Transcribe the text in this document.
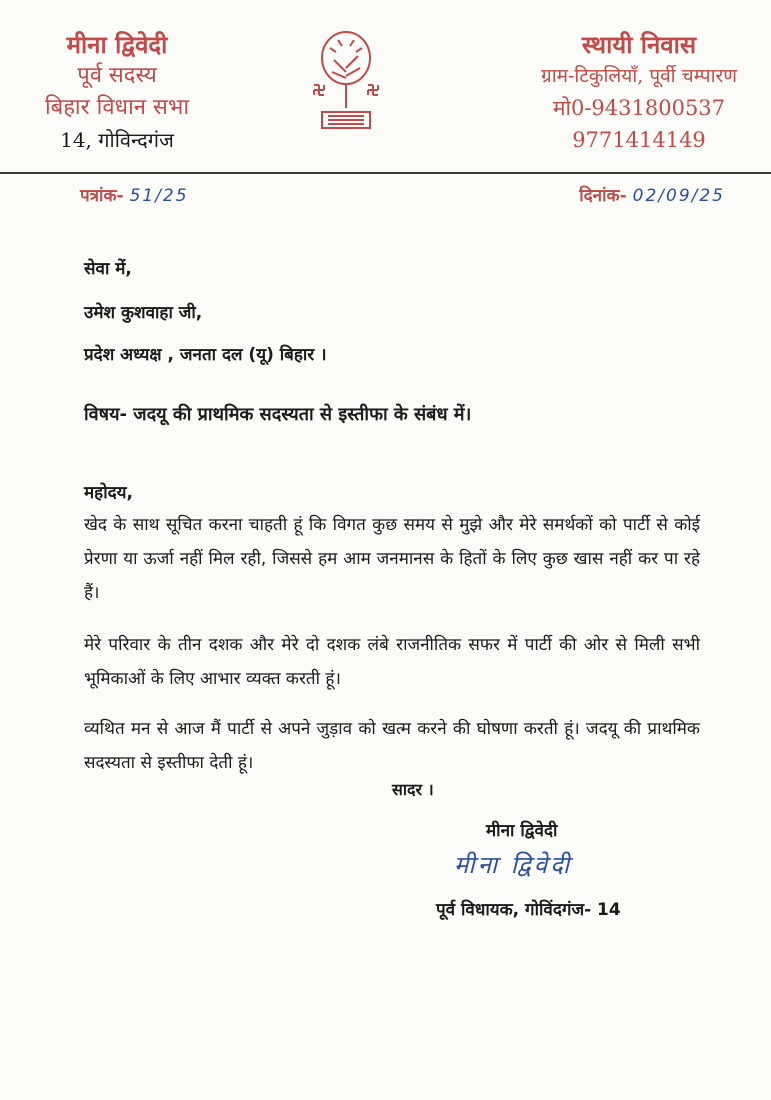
मीना द्विवेदी
पूर्व सदस्य
बिहार विधान सभा
14, गोविन्दगंज
स्थायी निवास
ग्राम-टिकुलियाँ, पूर्वी चम्पारण
मो0-9431800537
9771414149
पत्रांक- 51/25	दिनांक- 02/09/25
सेवा में,
उमेश कुशवाहा जी,
प्रदेश अध्यक्ष , जनता दल (यू) बिहार ।
विषय- जदयू की प्राथमिक सदस्यता से इस्तीफा के संबंध में।
महोदय,
खेद के साथ सूचित करना चाहती हूं कि विगत कुछ समय से मुझे और मेरे समर्थकों को पार्टी से कोई प्रेरणा या ऊर्जा नहीं मिल रही, जिससे हम आम जनमानस के हितों के लिए कुछ खास नहीं कर पा रहे हैं।
मेरे परिवार के तीन दशक और मेरे दो दशक लंबे राजनीतिक सफर में पार्टी की ओर से मिली सभी भूमिकाओं के लिए आभार व्यक्त करती हूं।
व्यथित मन से आज मैं पार्टी से अपने जुड़ाव को खत्म करने की घोषणा करती हूं। जदयू की प्राथमिक सदस्यता से इस्तीफा देती हूं।
सादर ।
मीना द्विवेदी
मीना द्विवेदी
पूर्व विधायक, गोविंदगंज- 14
